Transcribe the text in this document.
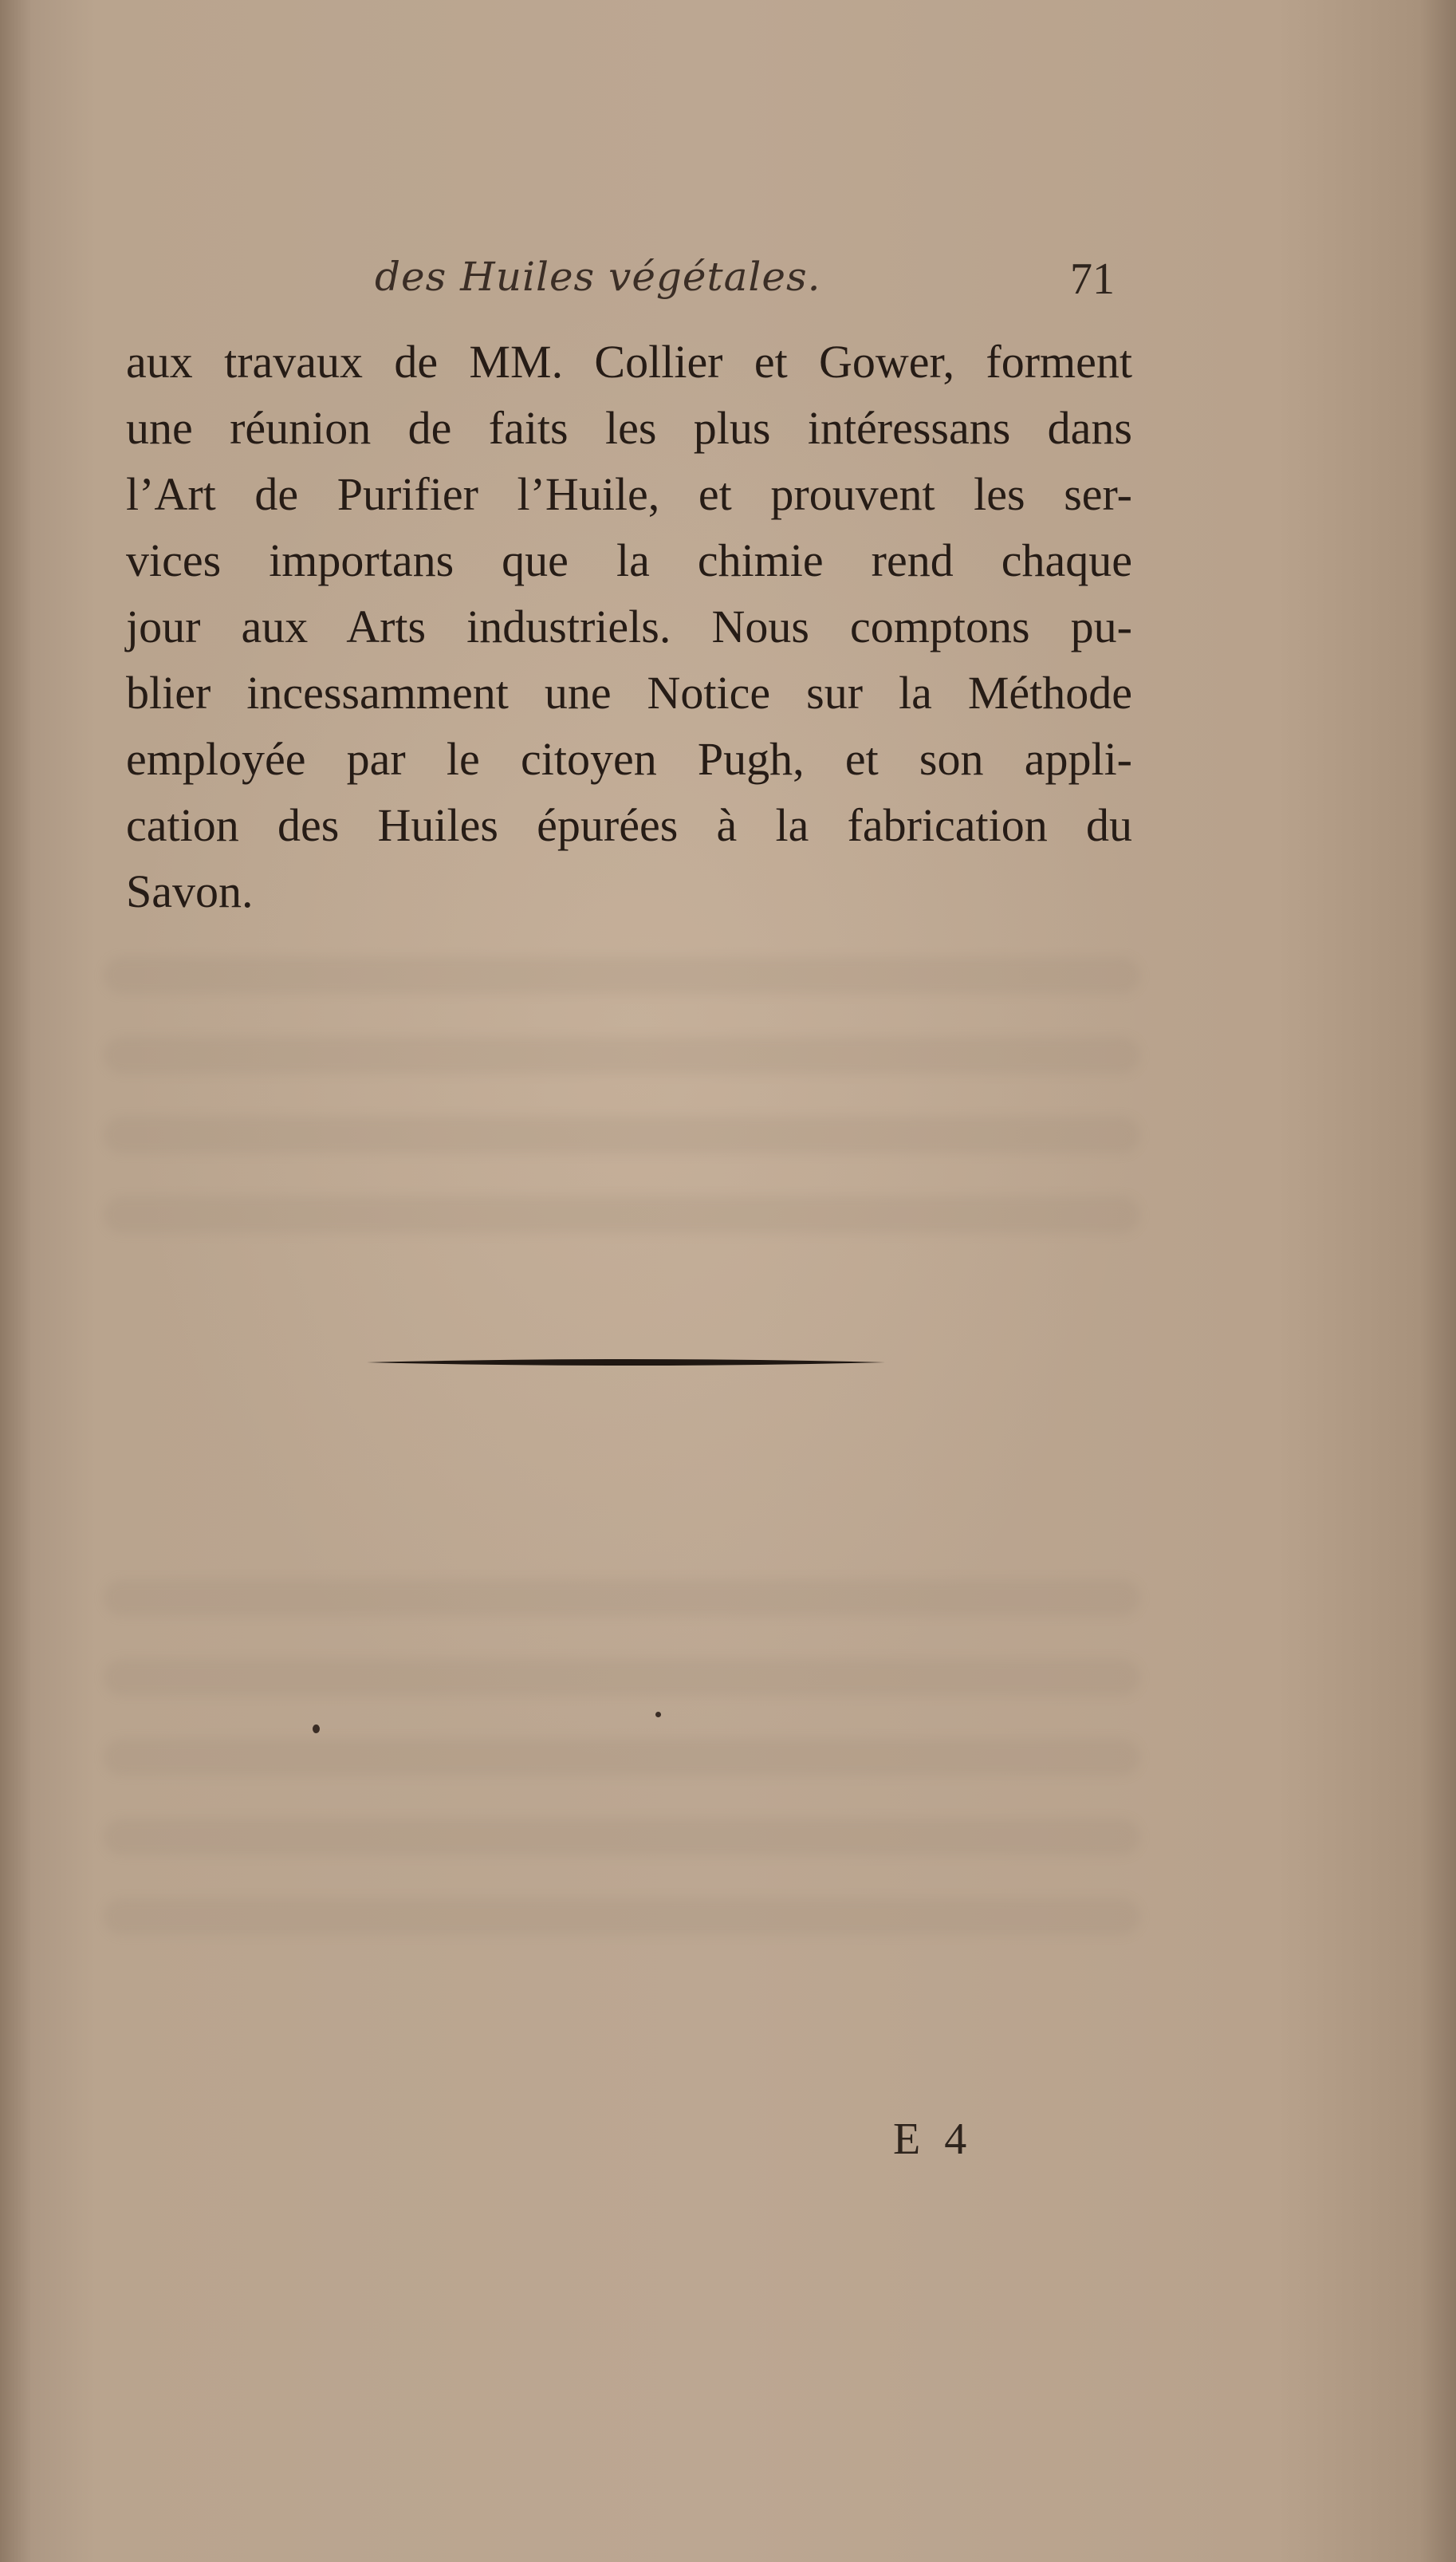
des Huiles végétales.	71
aux travaux de MM. Collier et Gower, forment
une réunion de faits les plus intéressans dans
l’Art de Purifier l’Huile, et prouvent les ser-
vices importans que la chimie rend chaque
jour aux Arts industriels. Nous comptons pu-
blier incessamment une Notice sur la Méthode
employée par le citoyen Pugh, et son appli-
cation des Huiles épurées à la fabrication du
Savon.
E 4
